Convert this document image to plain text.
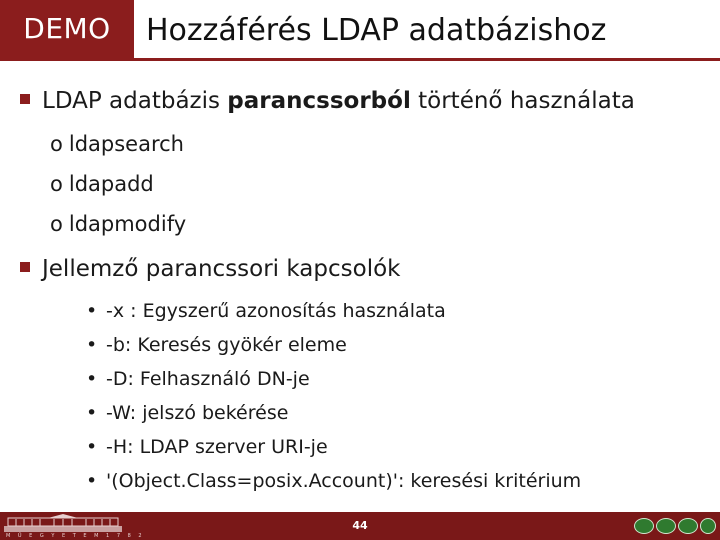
DEMO	Hozzáférés LDAP adatbázishoz
LDAP adatbázis parancssorból történő használata
o ldapsearch
o ldapadd
o ldapmodify
Jellemző parancssori kapcsolók
• -x : Egyszerű azonosítás használata
• -b: Keresés gyökér eleme
• -D: Felhasználó DN-je
• -W: jelszó bekérése
• -H: LDAP szerver URI-je
• '(Object.Class=posix.Account)': keresési kritérium
M Ű E G Y E T E M 1 7 8 2
44
